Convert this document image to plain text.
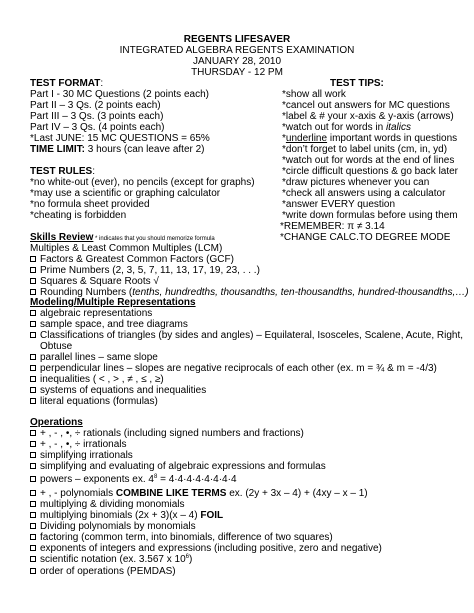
REGENTS LIFESAVER
INTEGRATED ALGEBRA REGENTS EXAMINATION
JANUARY 28, 2010
THURSDAY - 12 PM
TEST FORMAT:
Part I - 30 MC Questions (2 points each)
Part II – 3 Qs. (2 points each)
Part III – 3 Qs. (3 points each)
Part IV – 3 Qs. (4 points each)
*Last JUNE: 15 MC QUESTIONS = 65%
TIME LIMIT: 3 hours (can leave after 2)
TEST RULES:
*no white-out (ever), no pencils (except for graphs)
*may use a scientific or graphing calculator
*no formula sheet provided
*cheating is forbidden
TEST TIPS:
*show all work
*cancel out answers for MC questions
*label & # your x-axis & y-axis (arrows)
*watch out for words in italics
*underline important words in questions
*don’t forget to label units (cm, in, yd)
*watch out for words at the end of lines
*circle difficult questions & go back later
*draw pictures whenever you can
*check all answers using a calculator
*answer EVERY question
*write down formulas before using them
*REMEMBER: π ≠ 3.14
*CHANGE CALC.TO DEGREE MODE
Skills Review * indicates that you should memorize formula
Multiples & Least Common Multiples (LCM)
Factors & Greatest Common Factors (GCF)
Prime Numbers (2, 3, 5, 7, 11, 13, 17, 19, 23, . . .)
Squares & Square Roots √
Rounding Numbers (tenths, hundredths, thousandths, ten-thousandths, hundred-thousandths,…)
Modeling/Multiple Representations
algebraic representations
sample space, and tree diagrams
Classifications of triangles (by sides and angles) – Equilateral, Isosceles, Scalene, Acute, Right,
Obtuse
parallel lines – same slope
perpendicular lines – slopes are negative reciprocals of each other (ex. m = ¾ & m = -4/3)
inequalities ( < , > , ≠ , ≤ , ≥)
systems of equations and inequalities
literal equations (formulas)
Operations
+ , - , •, ÷ rationals (including signed numbers and fractions)
+ , - , •, ÷ irrationals
simplifying irrationals
simplifying and evaluating of algebraic expressions and formulas
powers – exponents ex. $4^8 = 4\cdot 4\cdot 4\cdot 4\cdot 4\cdot 4\cdot 4\cdot 4$
+ , - polynomials COMBINE LIKE TERMS ex. (2y + 3x – 4) + (4xy – x – 1)
multiplying & dividing monomials
multiplying binomials (2x + 3)(x – 4) FOIL
Dividing polynomials by monomials
factoring (common term, into binomials, difference of two squares)
exponents of integers and expressions (including positive, zero and negative)
scientific notation (ex. 3.567 x $10^6$)
order of operations (PEMDAS)
